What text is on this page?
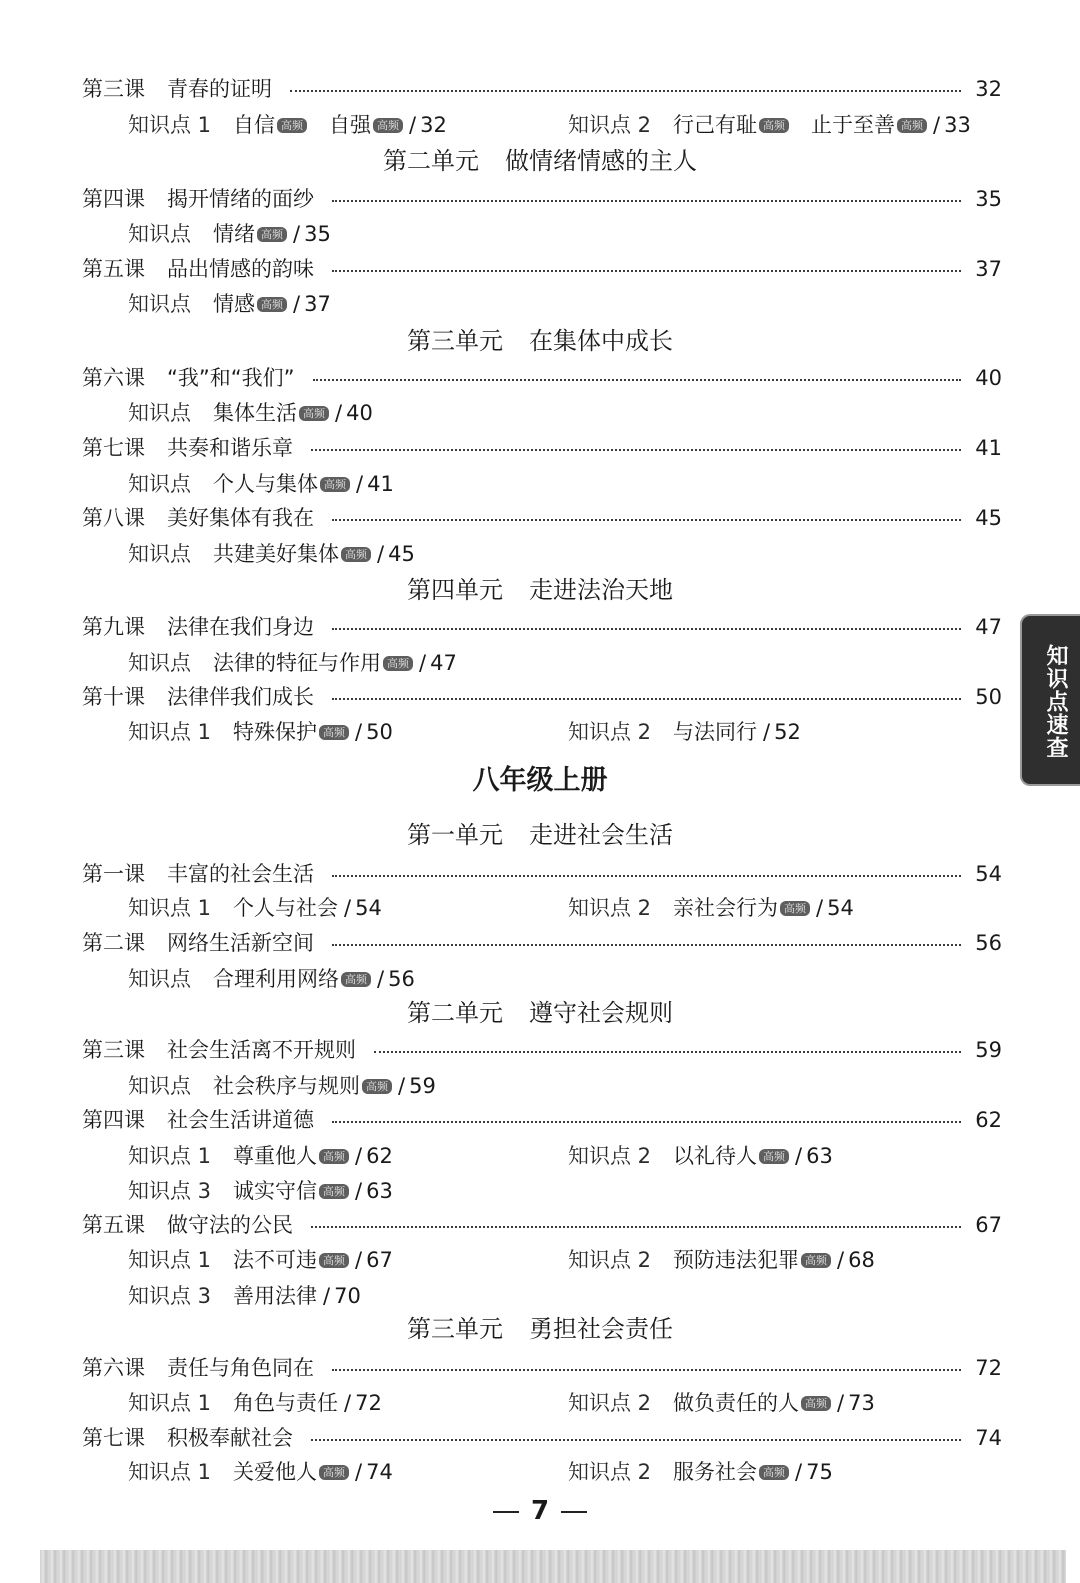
第三课 青春的证明	32
知识点 1 自信 高频 自强 高频 / 32	知识点 2 行己有耻 高频 止于至善 高频 / 33
第二单元 做情绪情感的主人
第四课 揭开情绪的面纱	35
知识点 情绪 高频 / 35
第五课 品出情感的韵味	37
知识点 情感 高频 / 37
第三单元 在集体中成长
第六课 “我”和“我们”	40
知识点 集体生活 高频 / 40
第七课 共奏和谐乐章	41
知识点 个人与集体 高频 / 41
第八课 美好集体有我在	45
知识点 共建美好集体 高频 / 45
第四单元 走进法治天地
第九课 法律在我们身边	47
知识点 法律的特征与作用 高频 / 47
第十课 法律伴我们成长	50
知识点 1 特殊保护 高频 / 50	知识点 2 与法同行 / 52
八年级上册
第一单元 走进社会生活
第一课 丰富的社会生活	54
知识点 1 个人与社会 / 54	知识点 2 亲社会行为 高频 / 54
第二课 网络生活新空间	56
知识点 合理利用网络 高频 / 56
第二单元 遵守社会规则
第三课 社会生活离不开规则	59
知识点 社会秩序与规则 高频 / 59
第四课 社会生活讲道德	62
知识点 1 尊重他人 高频 / 62	知识点 2 以礼待人 高频 / 63
知识点 3 诚实守信 高频 / 63
第五课 做守法的公民	67
知识点 1 法不可违 高频 / 67	知识点 2 预防违法犯罪 高频 / 68
知识点 3 善用法律 / 70
第三单元 勇担社会责任
第六课 责任与角色同在	72
知识点 1 角色与责任 / 72	知识点 2 做负责任的人 高频 / 73
第七课 积极奉献社会	74
知识点 1 关爱他人 高频 / 74	知识点 2 服务社会 高频 / 75
知识点速查
7
